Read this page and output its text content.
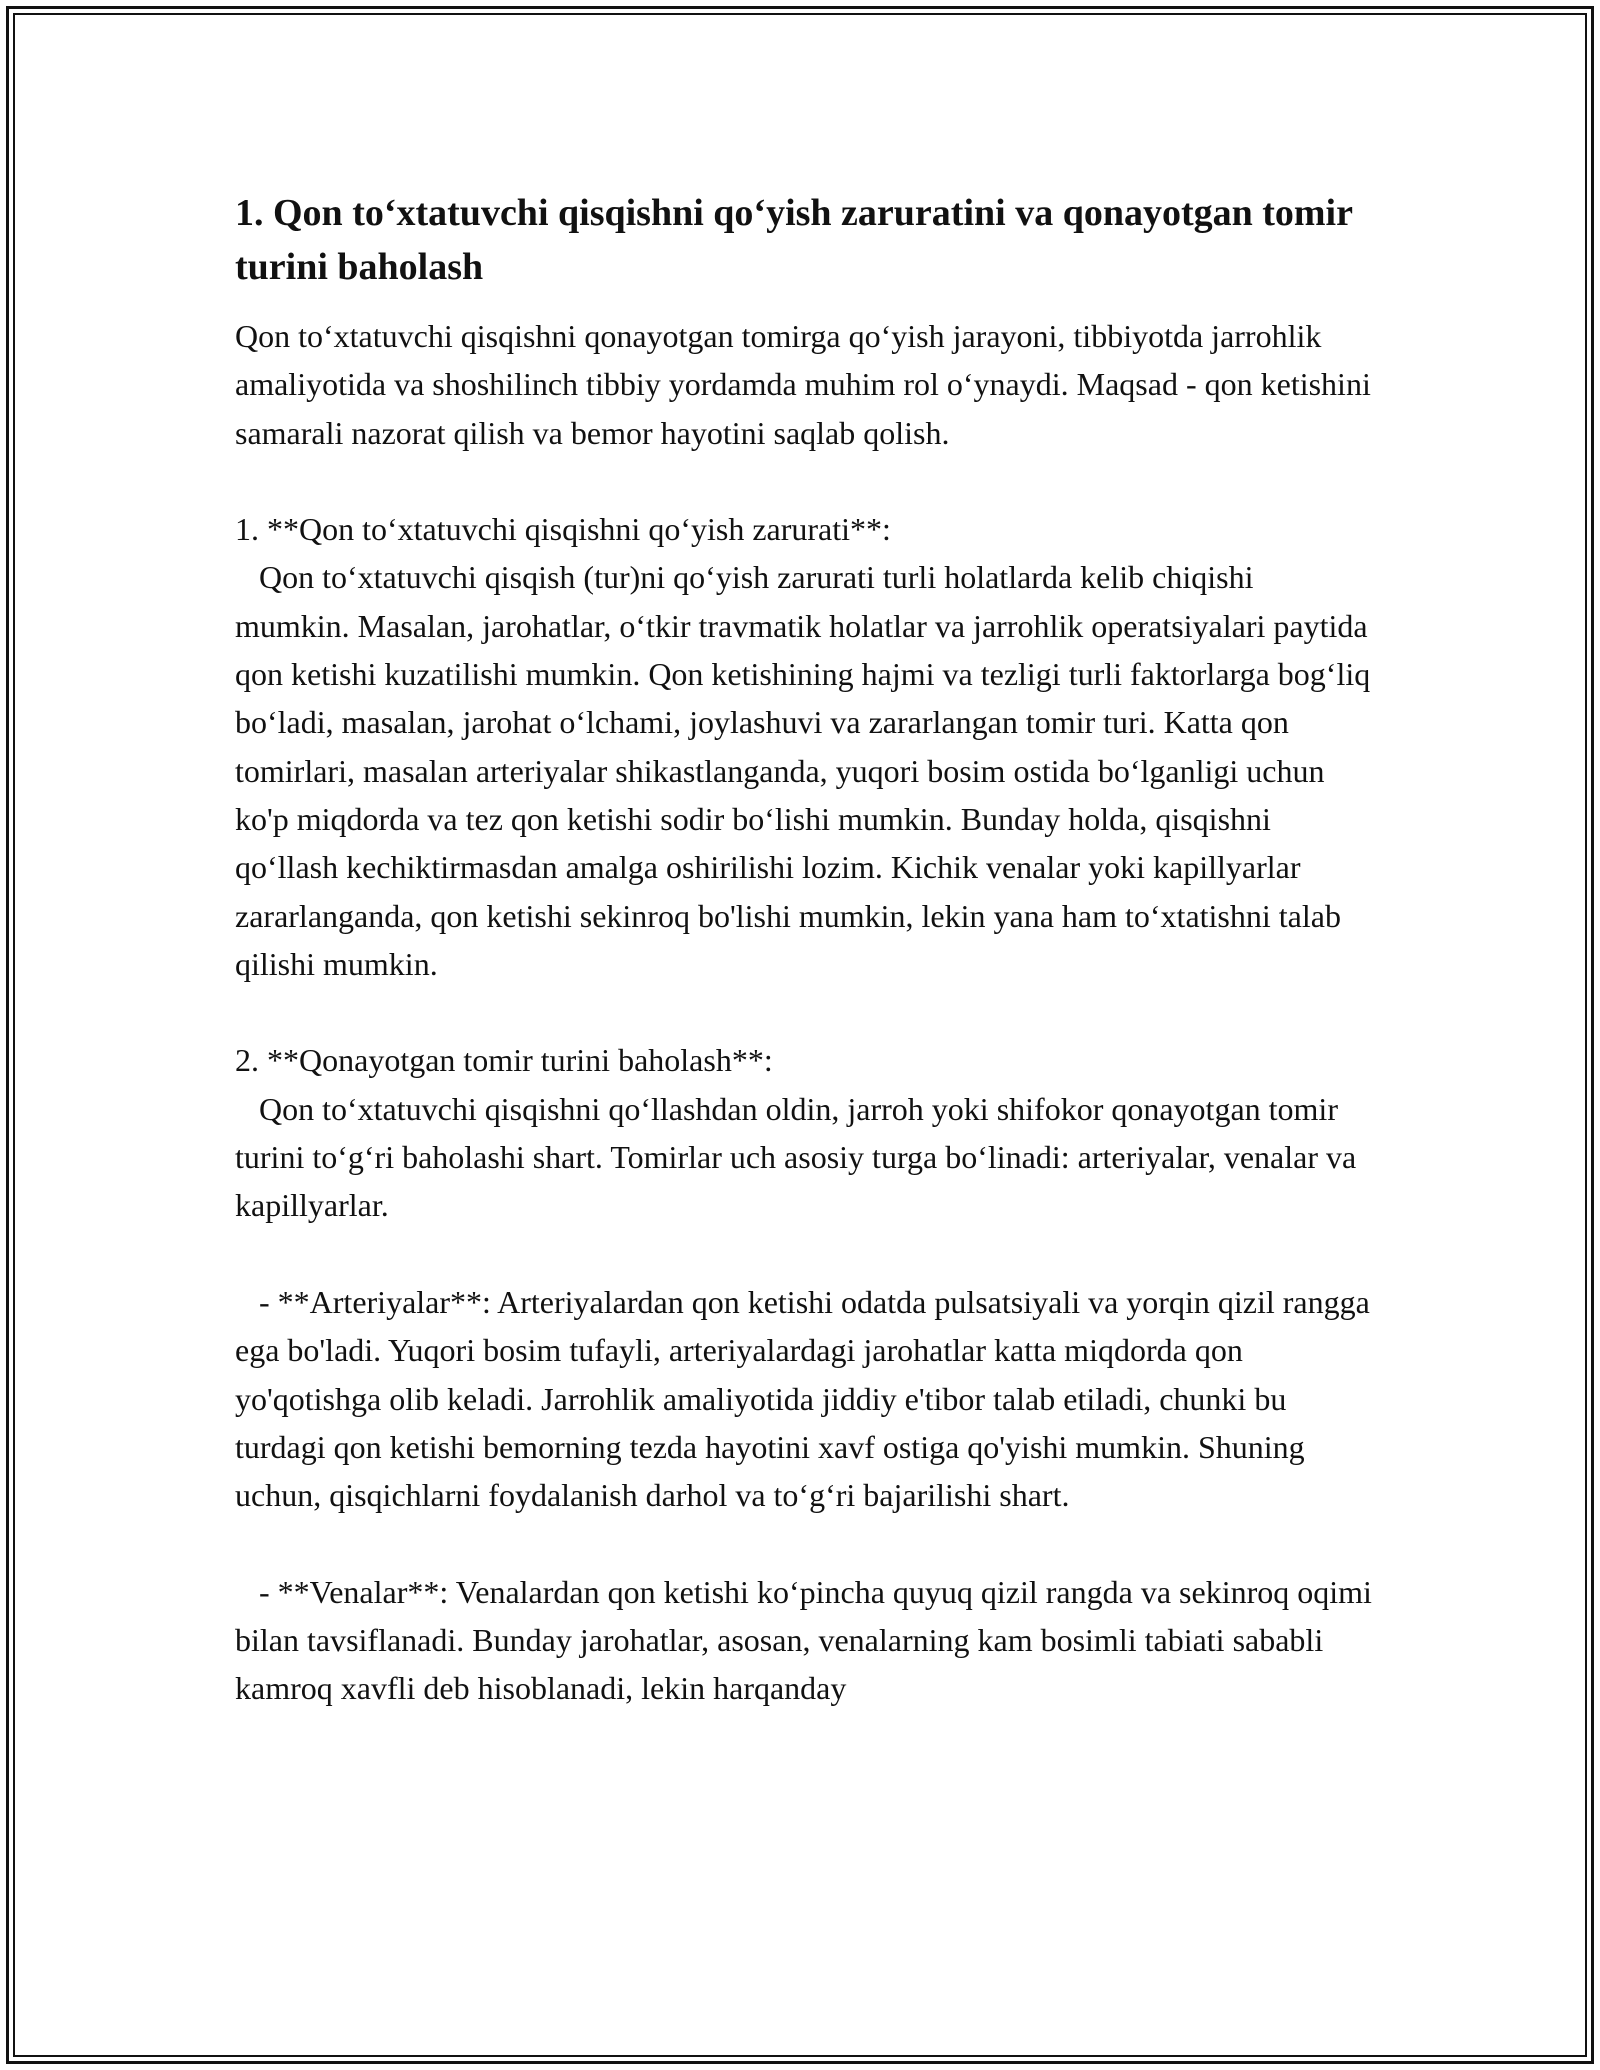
1. Qon to‘xtatuvchi qisqishni qo‘yish zaruratini va qonayotgan tomir turini baholash

Qon to‘xtatuvchi qisqishni qonayotgan tomirga qo‘yish jarayoni, tibbiyotda jarrohlik amaliyotida va shoshilinch tibbiy yordamda muhim rol o‘ynaydi. Maqsad - qon ketishini samarali nazorat qilish va bemor hayotini saqlab qolish.

1. **Qon to‘xtatuvchi qisqishni qo‘yish zarurati**:
Qon to‘xtatuvchi qisqish (tur)ni qo‘yish zarurati turli holatlarda kelib chiqishi mumkin. Masalan, jarohatlar, o‘tkir travmatik holatlar va jarrohlik operatsiyalari paytida qon ketishi kuzatilishi mumkin. Qon ketishining hajmi va tezligi turli faktorlarga bog‘liq bo‘ladi, masalan, jarohat o‘lchami, joylashuvi va zararlangan tomir turi. Katta qon tomirlari, masalan arteriyalar shikastlanganda, yuqori bosim ostida bo‘lganligi uchun ko'p miqdorda va tez qon ketishi sodir bo‘lishi mumkin. Bunday holda, qisqishni qo‘llash kechiktirmasdan amalga oshirilishi lozim. Kichik venalar yoki kapillyarlar zararlanganda, qon ketishi sekinroq bo'lishi mumkin, lekin yana ham to‘xtatishni talab qilishi mumkin.

2. **Qonayotgan tomir turini baholash**:
Qon to‘xtatuvchi qisqishni qo‘llashdan oldin, jarroh yoki shifokor qonayotgan tomir turini to‘g‘ri baholashi shart. Tomirlar uch asosiy turga bo‘linadi: arteriyalar, venalar va kapillyarlar.

- **Arteriyalar**: Arteriyalardan qon ketishi odatda pulsatsiyali va yorqin qizil rangga ega bo'ladi. Yuqori bosim tufayli, arteriyalardagi jarohatlar katta miqdorda qon yo'qotishga olib keladi. Jarrohlik amaliyotida jiddiy e'tibor talab etiladi, chunki bu turdagi qon ketishi bemorning tezda hayotini xavf ostiga qo'yishi mumkin. Shuning uchun, qisqichlarni foydalanish darhol va to‘g‘ri bajarilishi shart.

- **Venalar**: Venalardan qon ketishi ko‘pincha quyuq qizil rangda va sekinroq oqimi bilan tavsiflanadi. Bunday jarohatlar, asosan, venalarning kam bosimli tabiati sababli kamroq xavfli deb hisoblanadi, lekin harqanday
